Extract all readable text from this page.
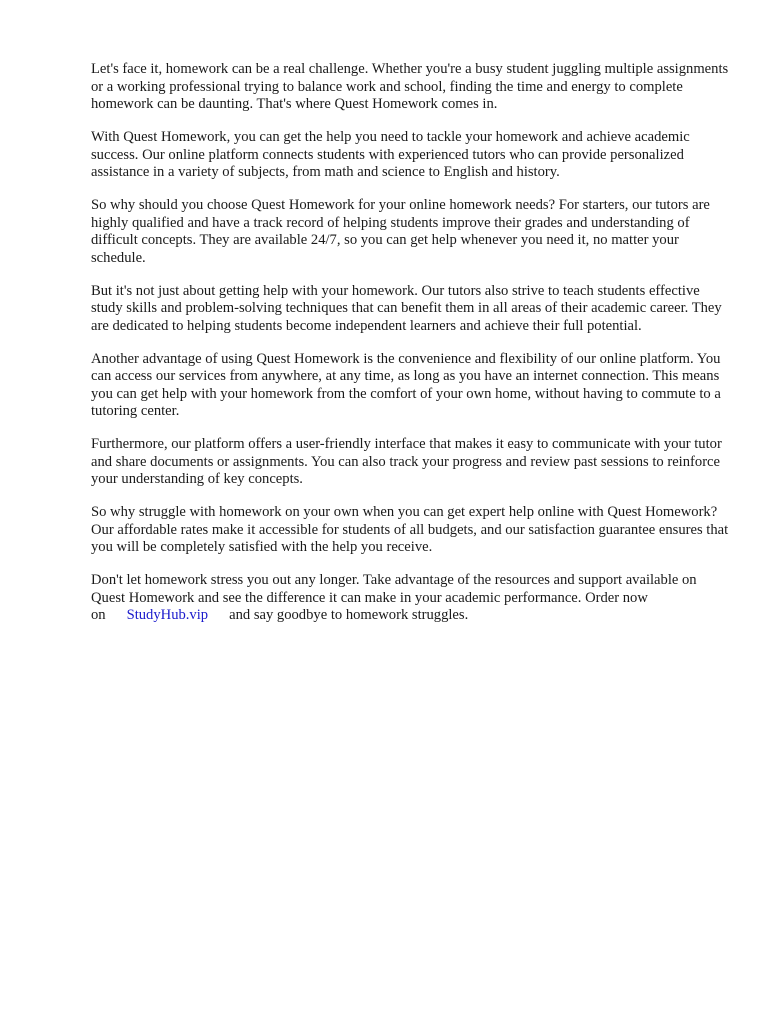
Let's face it, homework can be a real challenge. Whether you're a busy student juggling multiple assignments or a working professional trying to balance work and school, finding the time and energy to complete homework can be daunting. That's where Quest Homework comes in.

With Quest Homework, you can get the help you need to tackle your homework and achieve academic success. Our online platform connects students with experienced tutors who can provide personalized assistance in a variety of subjects, from math and science to English and history.

So why should you choose Quest Homework for your online homework needs? For starters, our tutors are highly qualified and have a track record of helping students improve their grades and understanding of difficult concepts. They are available 24/7, so you can get help whenever you need it, no matter your schedule.

But it's not just about getting help with your homework. Our tutors also strive to teach students effective study skills and problem-solving techniques that can benefit them in all areas of their academic career. They are dedicated to helping students become independent learners and achieve their full potential.

Another advantage of using Quest Homework is the convenience and flexibility of our online platform. You can access our services from anywhere, at any time, as long as you have an internet connection. This means you can get help with your homework from the comfort of your own home, without having to commute to a tutoring center.

Furthermore, our platform offers a user-friendly interface that makes it easy to communicate with your tutor and share documents or assignments. You can also track your progress and review past sessions to reinforce your understanding of key concepts.

So why struggle with homework on your own when you can get expert help online with Quest Homework? Our affordable rates make it accessible for students of all budgets, and our satisfaction guarantee ensures that you will be completely satisfied with the help you receive.

Don't let homework stress you out any longer. Take advantage of the resources and support available on Quest Homework and see the difference it can make in your academic performance. Order now on StudyHub.vip and say goodbye to homework struggles.
